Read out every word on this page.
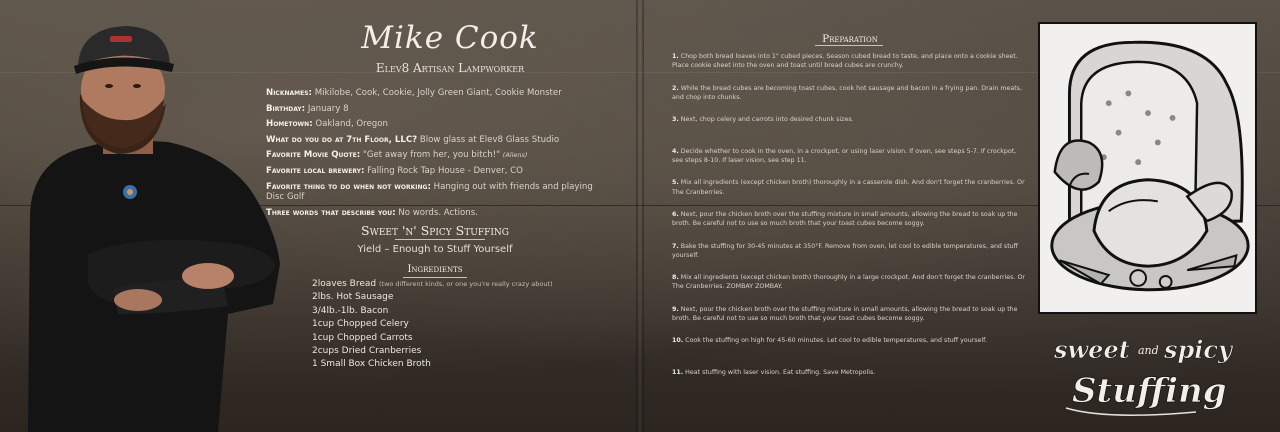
Mike Cook
Elev8 Artisan Lampworker
Nicknames: Mikilobe, Cook, Cookie, Jolly Green Giant, Cookie Monster
Birthday: January 8
Hometown: Oakland, Oregon
What do you do at 7th Floor, LLC? Blow glass at Elev8 Glass Studio
Favorite Movie Quote: "Get away from her, you bitch!" (Aliens)
Favorite local brewery: Falling Rock Tap House - Denver, CO
Favorite thing to do when not working: Hanging out with friends and playing Disc Golf
Three words that describe you: No words. Actions.
Sweet 'n' Spicy Stuffing
Yield – Enough to Stuff Yourself
Ingredients
2loaves Bread (two different kinds, or one you're really crazy about)
2lbs. Hot Sausage
3/4lb.-1lb. Bacon
1cup Chopped Celery
1cup Chopped Carrots
2cups Dried Cranberries
1 Small Box Chicken Broth
Preparation
1. Chop both bread loaves into 1" cubed pieces. Season cubed bread to taste, and place onto a cookie sheet. Place cookie sheet into the oven and toast until bread cubes are crunchy.
2. While the bread cubes are becoming toast cubes, cook hot sausage and bacon in a frying pan. Drain meats, and chop into chunks.
3. Next, chop celery and carrots into desired chunk sizes.
4. Decide whether to cook in the oven, in a crockpot, or using laser vision. If oven, see steps 5-7. If crockpot, see steps 8-10. If laser vision, see step 11.
5. Mix all ingredients (except chicken broth) thoroughly in a casserole dish. And don't forget the cranberries. Or The Cranberries.
6. Next, pour the chicken broth over the stuffing mixture in small amounts, allowing the bread to soak up the broth. Be careful not to use so much broth that your toast cubes become soggy.
7. Bake the stuffing for 30-45 minutes at 350°F. Remove from oven, let cool to edible temperatures, and stuff yourself.
8. Mix all ingredients (except chicken broth) thoroughly in a large crockpot. And don't forget the cranberries. Or The Cranberries. ZOMBAY ZOMBAY.
9. Next, pour the chicken broth over the stuffing mixture in small amounts, allowing the bread to soak up the broth. Be careful not to use so much broth that your toast cubes become soggy.
10. Cook the stuffing on high for 45-60 minutes. Let cool to edible temperatures, and stuff yourself.
11. Heat stuffing with laser vision. Eat stuffing. Save Metropolis.
sweet and spicy
Stuffing
